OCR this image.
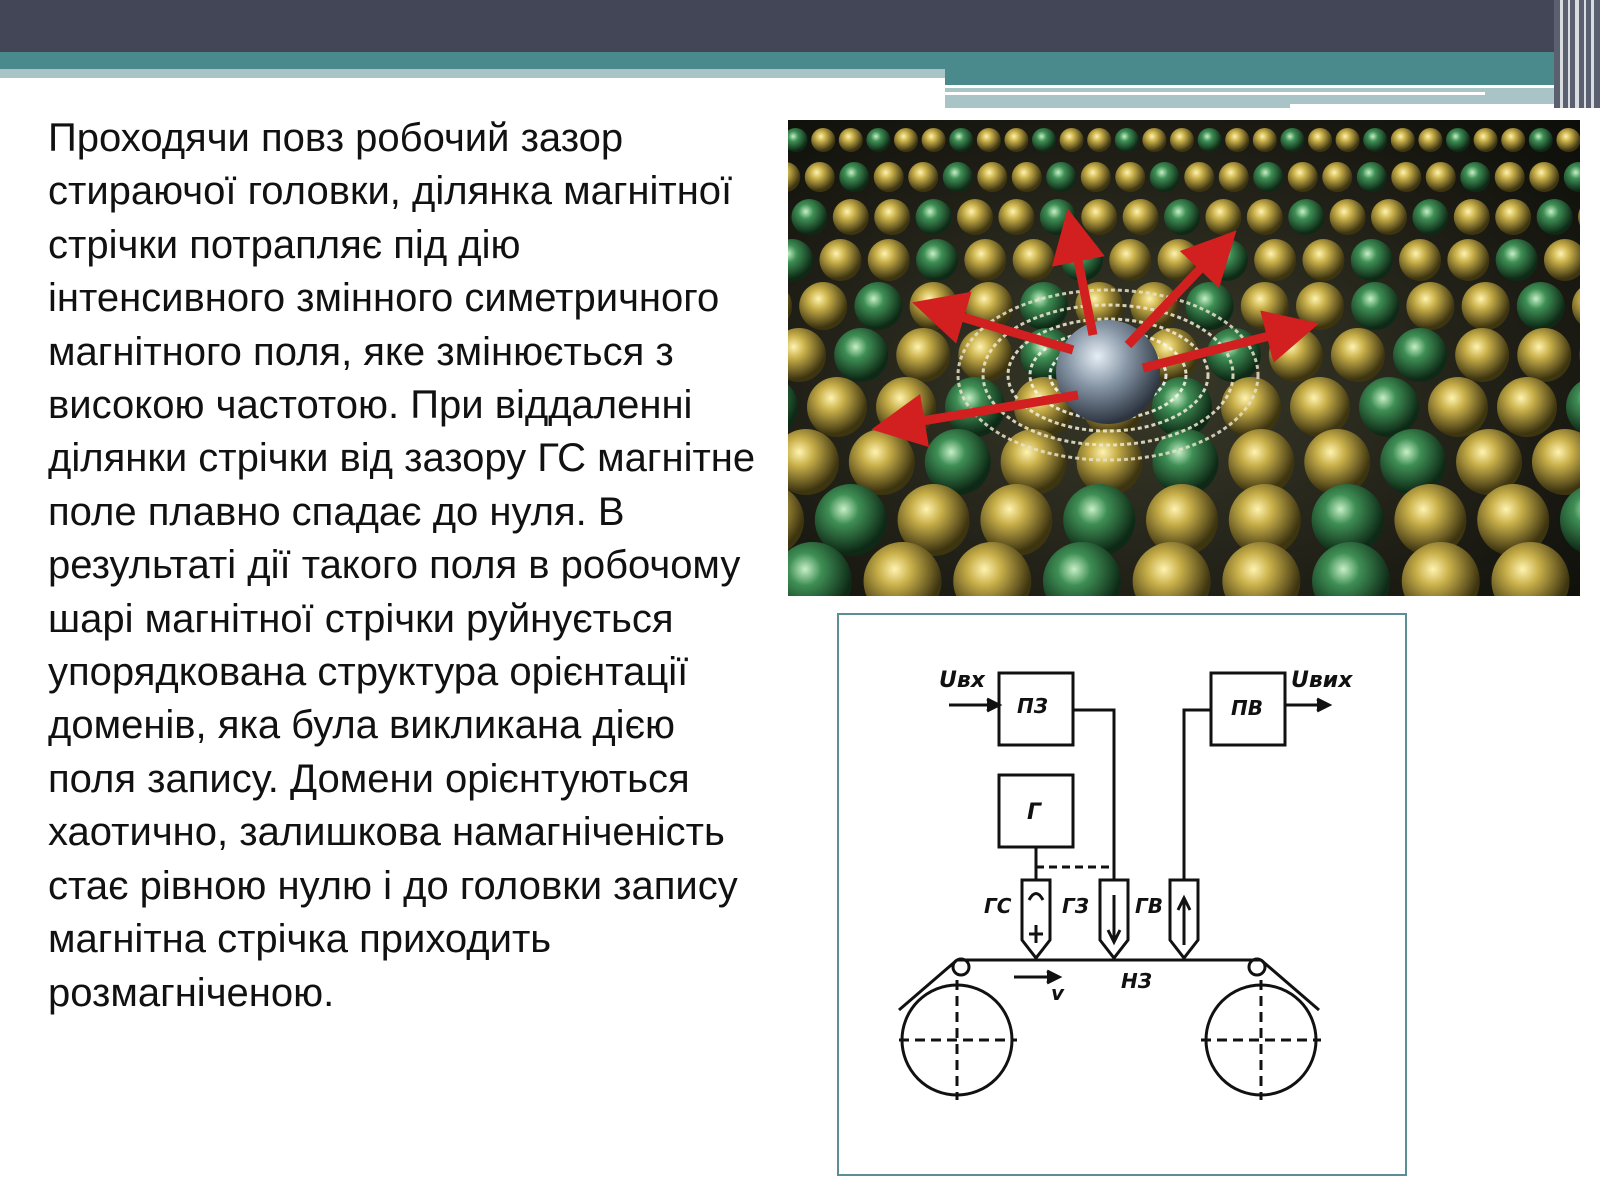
Проходячи повз робочий зазор стираючої головки, ділянка магнітної стрічки потрапляє під дію інтенсивного змінного симетричного магнітного поля, яке змінюється з високою частотою. При віддаленні ділянки стрічки від зазору ГС магнітне поле плавно спадає до нуля. В результаті дії такого поля в робочому шарі магнітної стрічки руйнується упорядкована структура орієнтації доменів, яка була викликана дією поля запису. Домени орієнтуються хаотично, залишкова намагніченість стає рівною нулю і до головки запису магнітна стрічка приходить розмагніченою.

Uвх	Uвих
ПЗ	ПВ
Г
ГС	ГЗ ГВ
НЗ
v
